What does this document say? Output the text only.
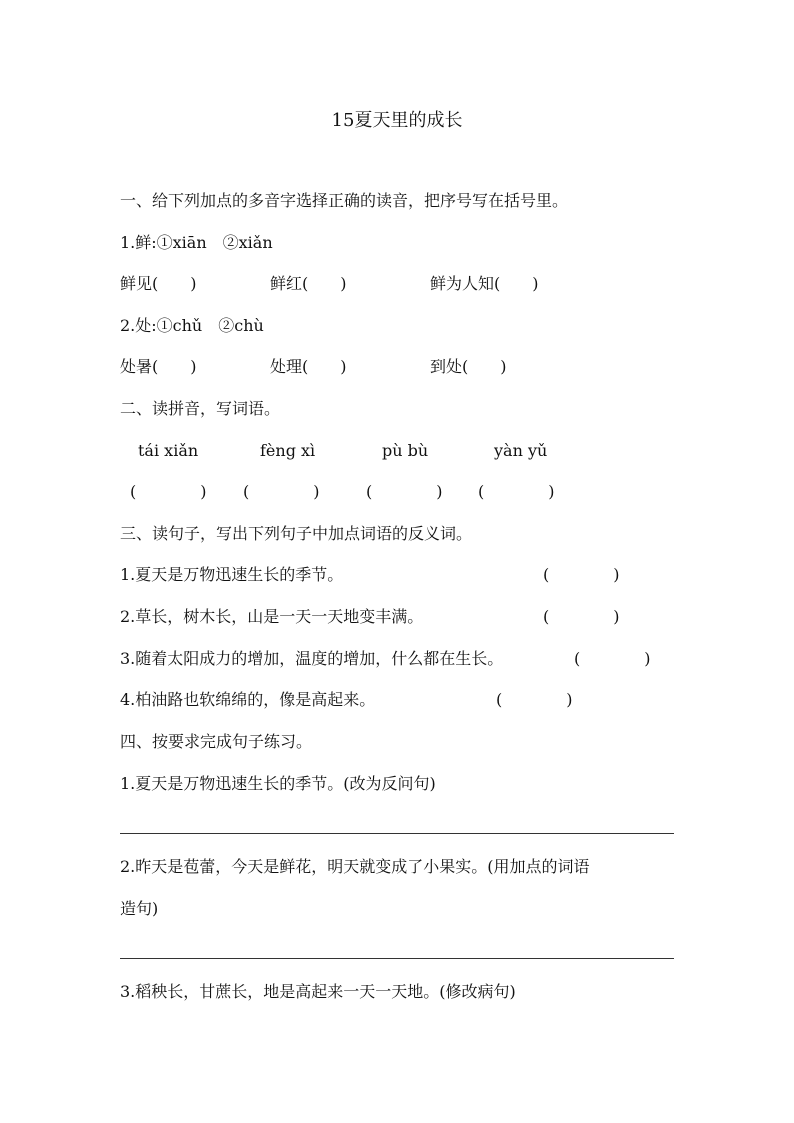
15夏天里的成长
一、给下列加点的多音字选择正确的读音，把序号写在括号里。
1.鲜:①xiān　②xiǎn
鲜见(　　)	鲜红(　　)	鲜为人知(　　)
2.处:①chǔ　②chù
处暑(　　)	处理(　　)	到处(　　)
二、读拼音，写词语。
tái xiǎn	fèng xì	pù bù	yàn yǔ
(　　　　) (　　　　)	(　　　　) (　　　　)
三、读句子，写出下列句子中加点词语的反义词。
1.夏天是万物迅速生长的季节。	(　　　　)
2.草长，树木长，山是一天一天地变丰满。	(　　　　)
3.随着太阳成力的增加，温度的增加，什么都在生长。	(　　　　)
4.柏油路也软绵绵的，像是高起来。	(　　　　)
四、按要求完成句子练习。
1.夏天是万物迅速生长的季节。(改为反问句)
2.昨天是苞蕾，今天是鲜花，明天就变成了小果实。(用加点的词语
造句)
3.稻秧长，甘蔗长，地是高起来一天一天地。(修改病句)
